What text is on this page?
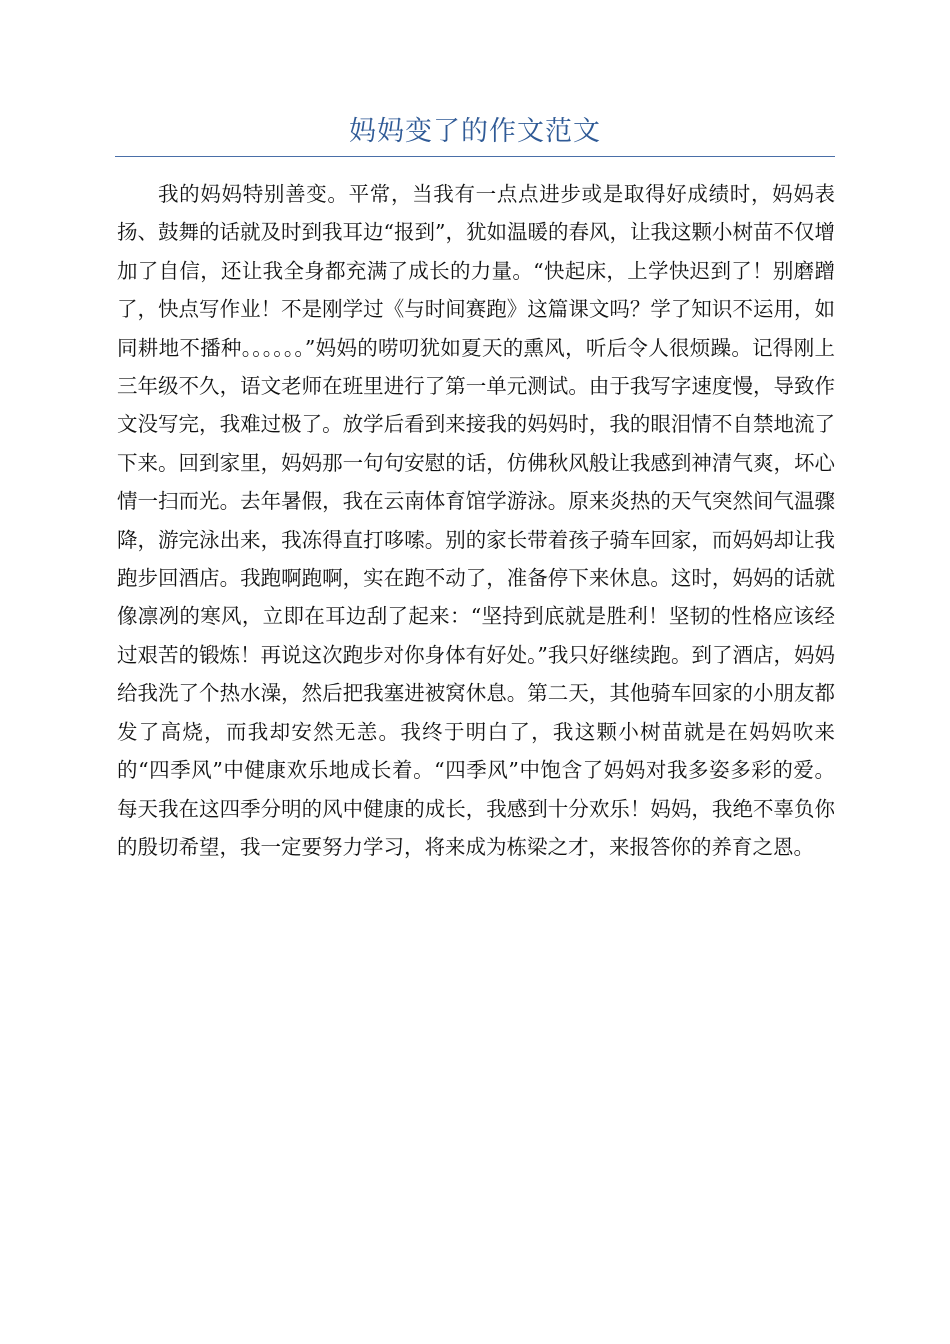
妈妈变了的作文范文

我的妈妈特别善变。平常，当我有一点点进步或是取得好成绩时，妈妈表扬、鼓舞的话就及时到我耳边“报到”，犹如温暖的春风，让我这颗小树苗不仅增加了自信，还让我全身都充满了成长的力量。“快起床，上学快迟到了！别磨蹭了，快点写作业！不是刚学过《与时间赛跑》这篇课文吗？学了知识不运用，如同耕地不播种。。。。。。”妈妈的唠叨犹如夏天的熏风，听后令人很烦躁。记得刚上三年级不久，语文老师在班里进行了第一单元测试。由于我写字速度慢，导致作文没写完，我难过极了。放学后看到来接我的妈妈时，我的眼泪情不自禁地流了下来。回到家里，妈妈那一句句安慰的话，仿佛秋风般让我感到神清气爽，坏心情一扫而光。去年暑假，我在云南体育馆学游泳。原来炎热的天气突然间气温骤降，游完泳出来，我冻得直打哆嗦。别的家长带着孩子骑车回家，而妈妈却让我跑步回酒店。我跑啊跑啊，实在跑不动了，准备停下来休息。这时，妈妈的话就像凛冽的寒风，立即在耳边刮了起来：“坚持到底就是胜利！坚韧的性格应该经过艰苦的锻炼！再说这次跑步对你身体有好处。”我只好继续跑。到了酒店，妈妈给我洗了个热水澡，然后把我塞进被窝休息。第二天，其他骑车回家的小朋友都发了高烧，而我却安然无恙。我终于明白了，我这颗小树苗就是在妈妈吹来的“四季风”中健康欢乐地成长着。“四季风”中饱含了妈妈对我多姿多彩的爱。每天我在这四季分明的风中健康的成长，我感到十分欢乐！妈妈，我绝不辜负你的殷切希望，我一定要努力学习，将来成为栋梁之才，来报答你的养育之恩。
